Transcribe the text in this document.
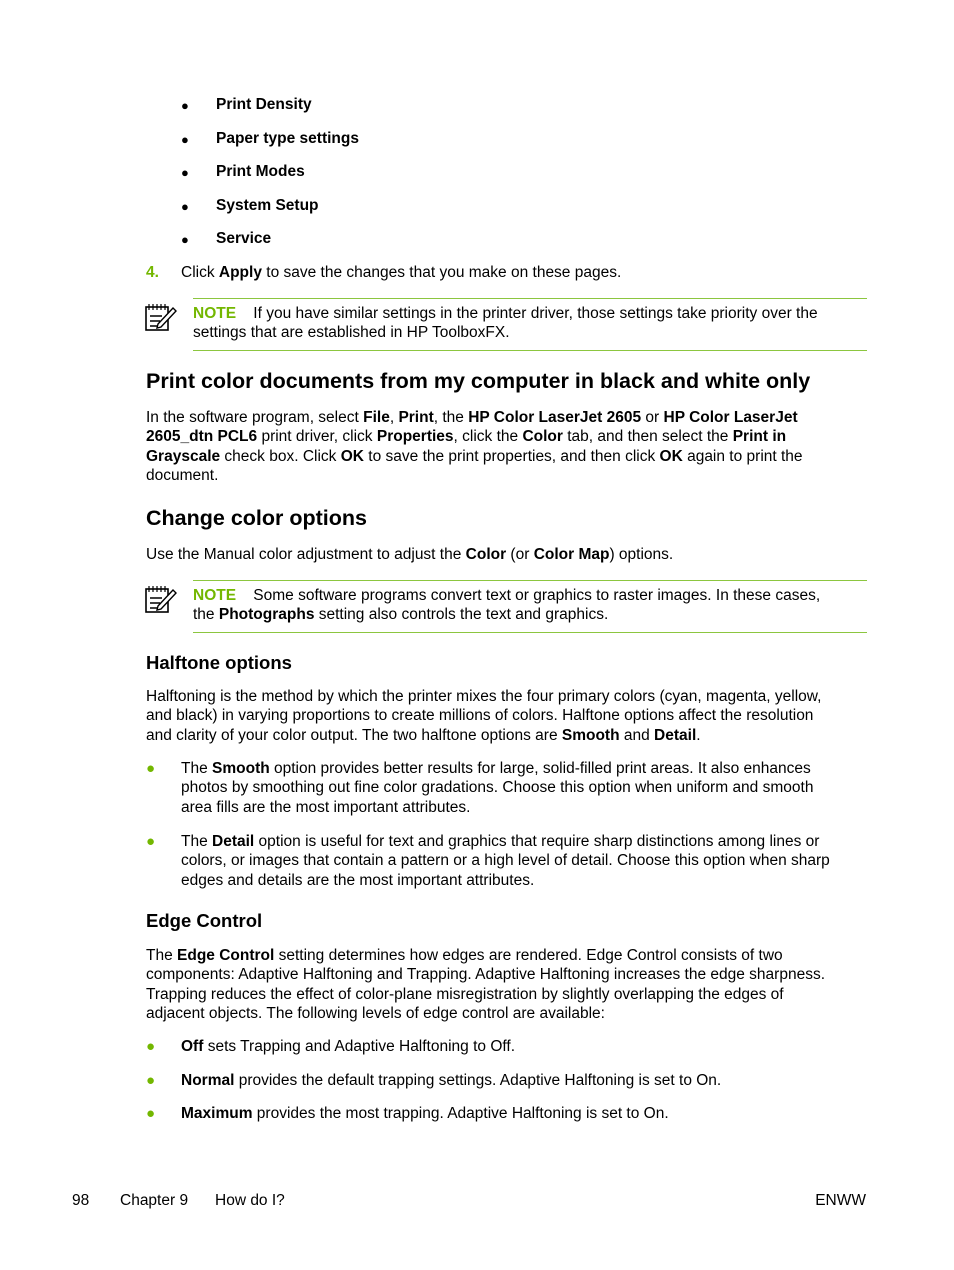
● Print Density
● Paper type settings
● Print Modes
● System Setup
● Service
4. Click Apply to save the changes that you make on these pages.
NOTE If you have similar settings in the printer driver, those settings take priority over the
settings that are established in HP ToolboxFX.
Print color documents from my computer in black and white only
In the software program, select File, Print, the HP Color LaserJet 2605 or HP Color LaserJet
2605_dtn PCL6 print driver, click Properties, click the Color tab, and then select the Print in
Grayscale check box. Click OK to save the print properties, and then click OK again to print the
document.
Change color options
Use the Manual color adjustment to adjust the Color (or Color Map) options.
NOTE Some software programs convert text or graphics to raster images. In these cases,
the Photographs setting also controls the text and graphics.
Halftone options
Halftoning is the method by which the printer mixes the four primary colors (cyan, magenta, yellow,
and black) in varying proportions to create millions of colors. Halftone options affect the resolution
and clarity of your color output. The two halftone options are Smooth and Detail.
● The Smooth option provides better results for large, solid-filled print areas. It also enhances
photos by smoothing out fine color gradations. Choose this option when uniform and smooth
area fills are the most important attributes.
● The Detail option is useful for text and graphics that require sharp distinctions among lines or
colors, or images that contain a pattern or a high level of detail. Choose this option when sharp
edges and details are the most important attributes.
Edge Control
The Edge Control setting determines how edges are rendered. Edge Control consists of two
components: Adaptive Halftoning and Trapping. Adaptive Halftoning increases the edge sharpness.
Trapping reduces the effect of color-plane misregistration by slightly overlapping the edges of
adjacent objects. The following levels of edge control are available:
● Off sets Trapping and Adaptive Halftoning to Off.
● Normal provides the default trapping settings. Adaptive Halftoning is set to On.
● Maximum provides the most trapping. Adaptive Halftoning is set to On.
98 Chapter 9 How do I?	ENWW
